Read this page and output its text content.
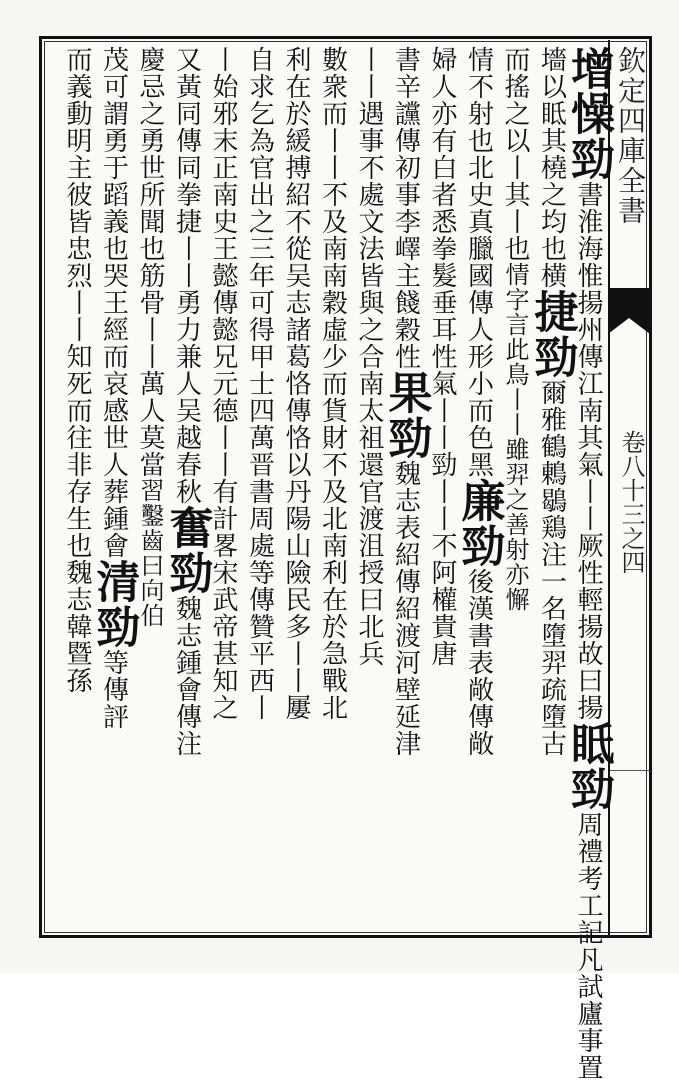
欽定四庫全書
卷八十三之四
增懆勁書淮海惟揚州傳江南其氣丨丨厥性輕揚故曰揚眡勁周禮考工記凡試廬事置
墻以眡其橈之均也横捷勁爾雅鶴鶇鶡鶏注一名墮羿疏墮古
而搖之以丨其丨也情字言此鳥丨丨雖羿之善射亦懈
情不射也北史真臘國傳人形小而色黑廉勁後漢書表敞傳敞
婦人亦有白者悉拳髮垂耳性氣丨丨勁丨丨不阿權貴唐
書辛讜傳初事李嶧主餞穀性果勁魏志表紹傳紹渡河壁延津
丨丨遇事不處文法皆與之合南太祖還官渡沮授曰北兵
數衆而丨丨不及南南穀虛少而貨財不及北南利在於急戰北
利在於緩搏紹不從吴志諸葛恪傳恪以丹陽山險民多丨丨屢
自求乞為官出之三年可得甲士四萬晋書周處等傳贊平西丨
丨始邪末正南史王懿傳懿兄元德丨丨有計畧宋武帝甚知之
又黃同傳同拳捷丨丨勇力兼人吴越春秋奮勁魏志鍾會傳注
慶忌之勇世所聞也筋骨丨丨萬人莫當習鑿齒曰向伯
茂可謂勇于蹈義也哭王經而哀感世人葬鍾會清勁等傳評
而義動明主彼皆忠烈丨丨知死而往非存生也魏志韓暨孫
